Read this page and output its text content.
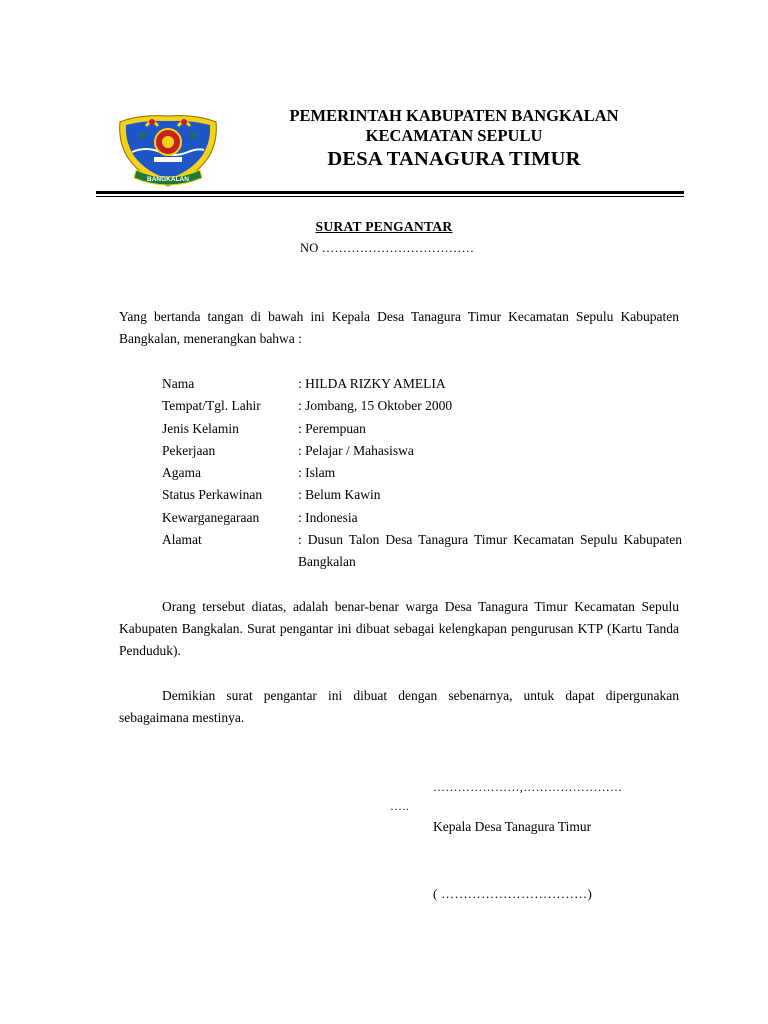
BANGKALAN
PEMERINTAH KABUPATEN BANGKALAN
KECAMATAN SEPULU
DESA TANAGURA TIMUR
SURAT PENGANTAR
NO ………………………………
Yang bertanda tangan di bawah ini Kepala Desa Tanagura Timur Kecamatan Sepulu Kabupaten Bangkalan, menerangkan bahwa :
Nama	: HILDA RIZKY AMELIA
Tempat/Tgl. Lahir	: Jombang, 15 Oktober 2000
Jenis Kelamin	: Perempuan
Pekerjaan	: Pelajar / Mahasiswa
Agama	: Islam
Status Perkawinan	: Belum Kawin
Kewarganegaraan	: Indonesia
Alamat	: Dusun Talon Desa Tanagura Timur Kecamatan Sepulu Kabupaten Bangkalan
Orang tersebut diatas, adalah benar-benar warga Desa Tanagura Timur Kecamatan Sepulu Kabupaten Bangkalan. Surat pengantar ini dibuat sebagai kelengkapan pengurusan KTP (Kartu Tanda Penduduk).
Demikian surat pengantar ini dibuat dengan sebenarnya, untuk dapat dipergunakan sebagaimana mestinya.
…………………,……………………
…..
Kepala Desa Tanagura Timur
( ……………………………)
